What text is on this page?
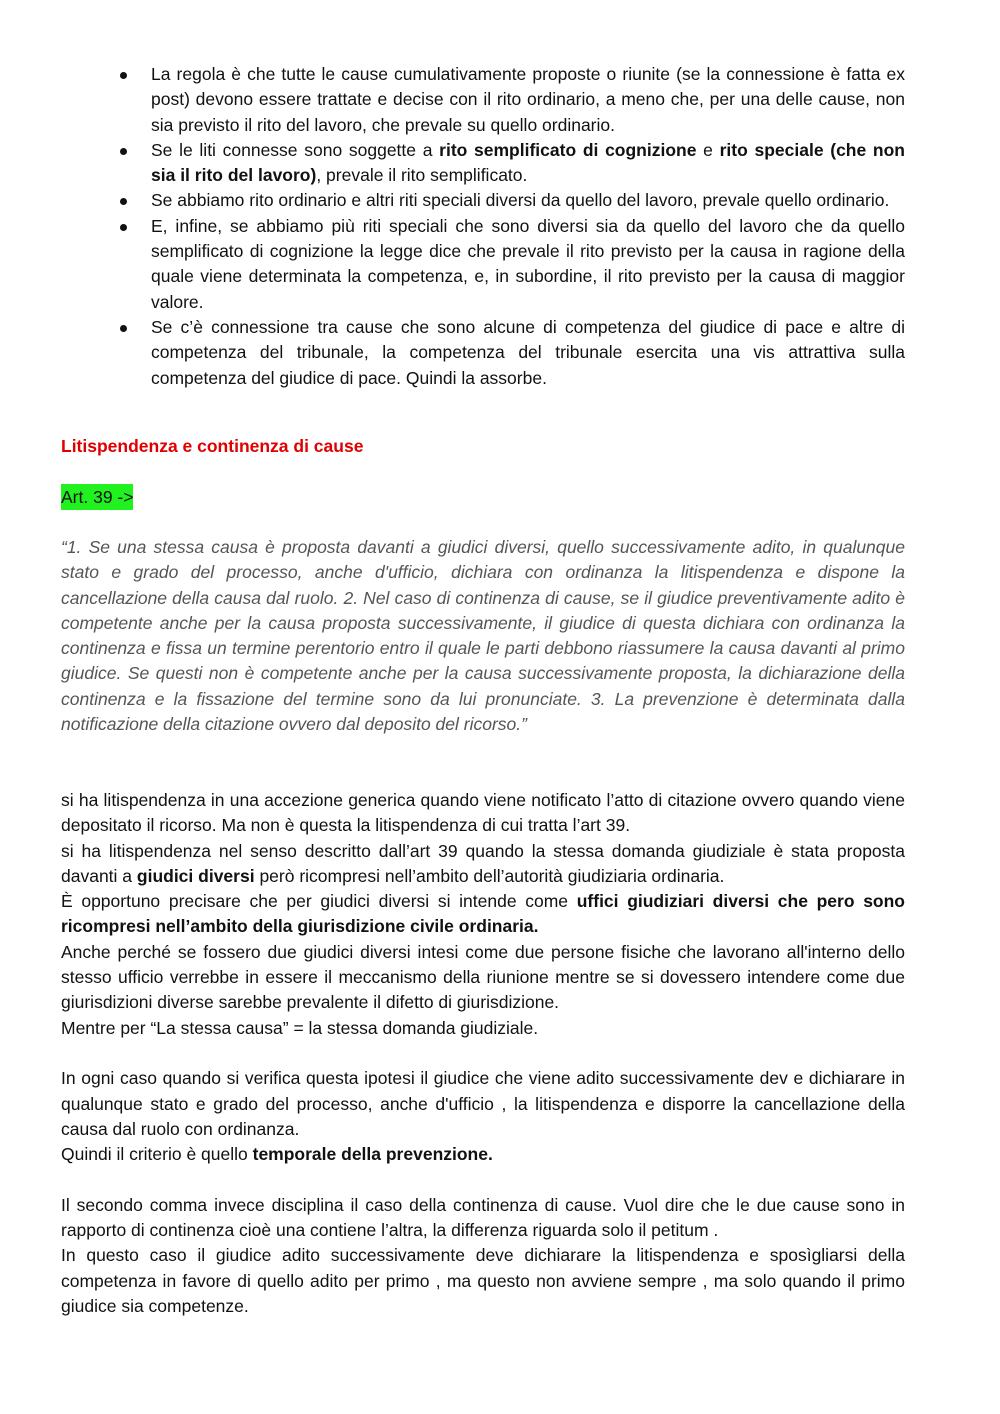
La regola è che tutte le cause cumulativamente proposte o riunite (se la connessione è fatta ex post) devono essere trattate e decise con il rito ordinario, a meno che, per una delle cause, non sia previsto il rito del lavoro, che prevale su quello ordinario.
Se le liti connesse sono soggette a rito semplificato di cognizione e rito speciale (che non sia il rito del lavoro), prevale il rito semplificato.
Se abbiamo rito ordinario e altri riti speciali diversi da quello del lavoro, prevale quello ordinario.
E, infine, se abbiamo più riti speciali che sono diversi sia da quello del lavoro che da quello semplificato di cognizione la legge dice che prevale il rito previsto per la causa in ragione della quale viene determinata la competenza, e, in subordine, il rito previsto per la causa di maggior valore.
Se c’è connessione tra cause che sono alcune di competenza del giudice di pace e altre di competenza del tribunale, la competenza del tribunale esercita una vis attrattiva sulla competenza del giudice di pace. Quindi la assorbe.

Litispendenza e continenza di cause

Art. 39 ->

“1. Se una stessa causa è proposta davanti a giudici diversi, quello successivamente adito, in qualunque stato e grado del processo, anche d'ufficio, dichiara con ordinanza la litispendenza e dispone la cancellazione della causa dal ruolo. 2. Nel caso di continenza di cause, se il giudice preventivamente adito è competente anche per la causa proposta successivamente, il giudice di questa dichiara con ordinanza la continenza e fissa un termine perentorio entro il quale le parti debbono riassumere la causa davanti al primo giudice. Se questi non è competente anche per la causa successivamente proposta, la dichiarazione della continenza e la fissazione del termine sono da lui pronunciate. 3. La prevenzione è determinata dalla notificazione della citazione ovvero dal deposito del ricorso.”

si ha litispendenza in una accezione generica quando viene notificato l’atto di citazione ovvero quando viene depositato il ricorso. Ma non è questa la litispendenza di cui tratta l’art 39.

si ha litispendenza nel senso descritto dall’art 39 quando la stessa domanda giudiziale è stata proposta davanti a giudici diversi però ricompresi nell’ambito dell’autorità giudiziaria ordinaria.

È opportuno precisare che per giudici diversi si intende come uffici giudiziari diversi che pero sono ricompresi nell’ambito della giurisdizione civile ordinaria.

Anche perché se fossero due giudici diversi intesi come due persone fisiche che lavorano all'interno dello stesso ufficio verrebbe in essere il meccanismo della riunione mentre se si dovessero intendere come due giurisdizioni diverse sarebbe prevalente il difetto di giurisdizione.

Mentre per “La stessa causa” = la stessa domanda giudiziale.

In ogni caso quando si verifica questa ipotesi il giudice che viene adito successivamente dev e dichiarare in qualunque stato e grado del processo, anche d'ufficio , la litispendenza e disporre la cancellazione della causa dal ruolo con ordinanza.

Quindi il criterio è quello temporale della prevenzione.

Il secondo comma invece disciplina il caso della continenza di cause. Vuol dire che le due cause sono in rapporto di continenza cioè una contiene l’altra, la differenza riguarda solo il petitum .

In questo caso il giudice adito successivamente deve dichiarare la litispendenza e sposìgliarsi della competenza in favore di quello adito per primo , ma questo non avviene sempre , ma solo quando il primo giudice sia competenze.
